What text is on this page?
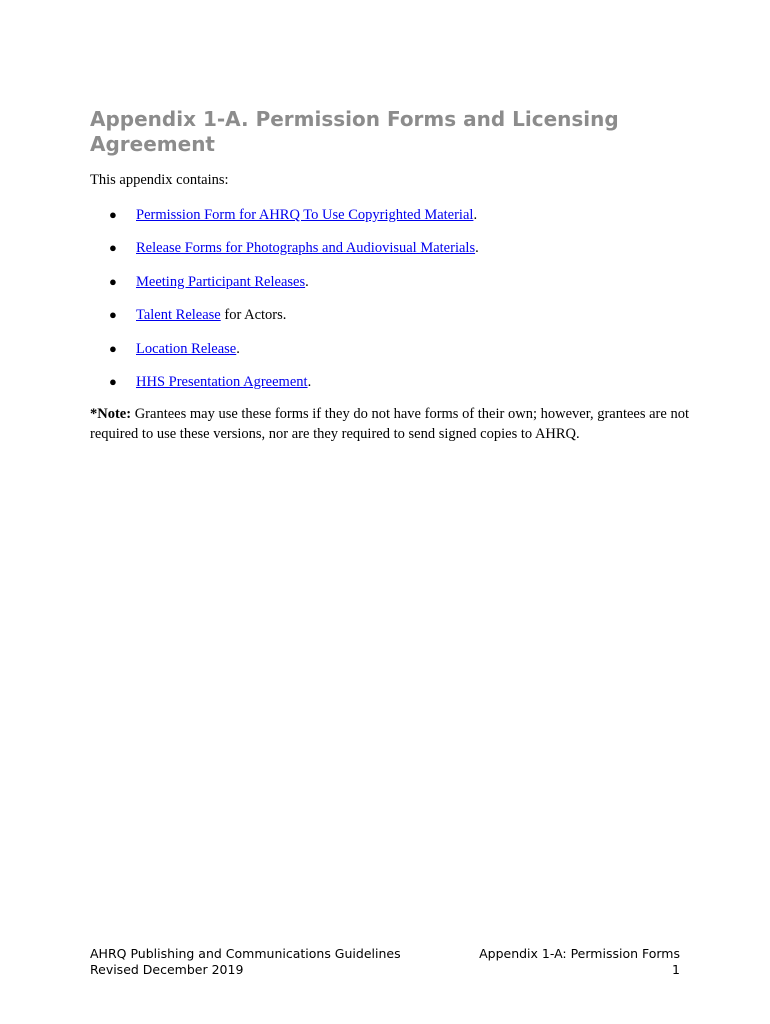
Appendix 1-A. Permission Forms and Licensing Agreement

This appendix contains:

● Permission Form for AHRQ To Use Copyrighted Material.
● Release Forms for Photographs and Audiovisual Materials.
● Meeting Participant Releases.
● Talent Release for Actors.
● Location Release.
● HHS Presentation Agreement.

*Note: Grantees may use these forms if they do not have forms of their own; however, grantees are not required to use these versions, nor are they required to send signed copies to AHRQ.

AHRQ Publishing and Communications Guidelines
Revised December 2019
Appendix 1-A: Permission Forms
1
